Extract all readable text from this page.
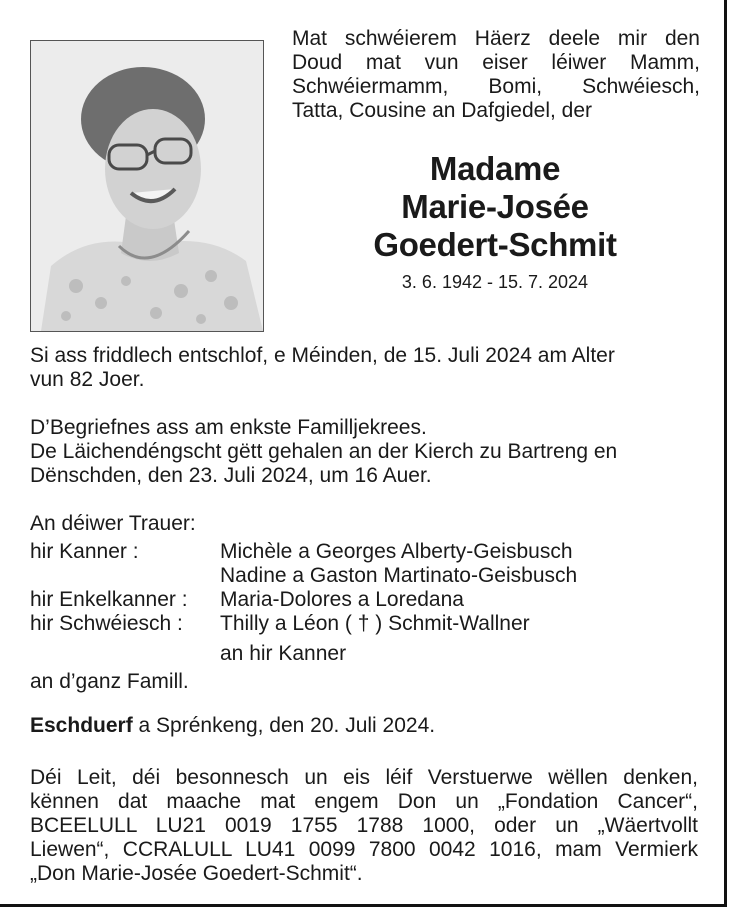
Mat schwéierem Häerz deele mir den
Doud mat vun eiser léiwer Mamm,
Schwéiermamm, Bomi, Schwéiesch,
Tatta, Cousine an Dafgiedel, der
Madame
Marie-Josée
Goedert-Schmit
3. 6. 1942 - 15. 7. 2024
Si ass friddlech entschlof, e Méinden, de 15. Juli 2024 am Alter
vun 82 Joer.
D’Begriefnes ass am enkste Familljekrees.
De Läichendéngscht gëtt gehalen an der Kierch zu Bartreng en
Dënschden, den 23. Juli 2024, um 16 Auer.
An déiwer Trauer:
hir Kanner :	Michèle a Georges Alberty-Geisbusch
Nadine a Gaston Martinato-Geisbusch
hir Enkelkanner : Maria-Dolores a Loredana
hir Schwéiesch : Thilly a Léon ( † ) Schmit-Wallner
an hir Kanner
an d’ganz Famill.
Eschduerf a Sprénkeng, den 20. Juli 2024.
Déi Leit, déi besonnesch un eis léif Verstuerwe wëllen denken,
kënnen dat maache mat engem Don un „Fondation Cancer“,
BCEELULL LU21 0019 1755 1788 1000, oder un „Wäertvollt
Liewen“, CCRALULL LU41 0099 7800 0042 1016, mam Vermierk
„Don Marie-Josée Goedert-Schmit“.
